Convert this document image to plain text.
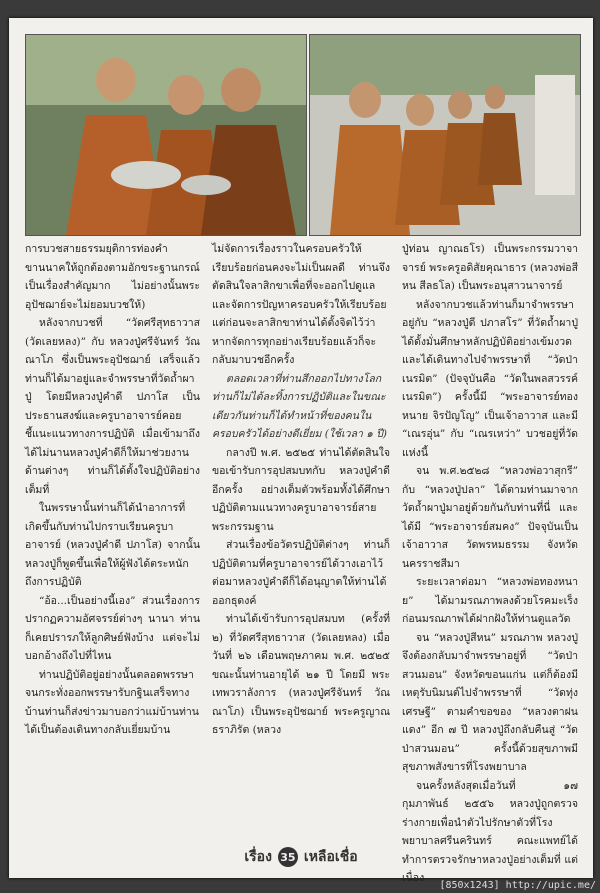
การบวชสายธรรมยุติการท่องคำขานนาคให้ถูกต้องตามอักขระฐานกรณ์เป็นเรื่องสำคัญมาก ไม่อย่างนั้นพระอุปัชฌาย์จะไม่ยอมบวชให้)

หลังจากบวชที่ “วัดศรีสุทธาวาส (วัดเลยหลง)” กับ หลวงปู่ศรีจันทร์ วัณณาโภ ซึ่งเป็นพระอุปัชฌาย์ เสร็จแล้วท่านก็ได้มาอยู่และจำพรรษาที่วัดถ้ำผาปู่ โดยมีหลวงปู่คำดี ปภาโส เป็นประธานสงฆ์และครูบาอาจารย์คอยชี้แนะแนวทางการปฏิบัติ เมื่อเข้ามาถึงได้ไม่นานหลวงปู่คำดีก็ให้มาช่วยงานด้านต่างๆ ท่านก็ได้ตั้งใจปฏิบัติอย่างเต็มที่

ในพรรษานั้นท่านก็ได้นำอาการที่เกิดขึ้นกับท่านไปกราบเรียนครูบาอาจารย์ (หลวงปู่คำดี ปภาโส) จากนั้นหลวงปู่ก็พูดขึ้นเพื่อให้ผู้ฟังได้ตระหนักถึงการปฏิบัติ

“อ้อ...เป็นอย่างนี้เอง” ส่วนเรื่องการปรากฏความอัศจรรย์ต่างๆ นานา ท่านก็เคยปรารภให้ลูกศิษย์ฟังบ้าง แต่จะไม่บอกอ้างถึงไปที่ไหน

ท่านปฏิบัติอยู่อย่างนั้นตลอดพรรษาจนกระทั่งออกพรรษารับกฐินเสร็จทางบ้านท่านก็ส่งข่าวมาบอกว่าแม่บ้านท่านได้เป็นต้องเดินทางกลับเยี่ยมบ้าน

ไม่จัดการเรื่องราวในครอบครัวให้เรียบร้อยก่อนคงจะไม่เป็นผลดี ท่านจึงตัดสินใจลาสิกขาเพื่อที่จะออกไปดูแลและจัดการปัญหาครอบครัวให้เรียบร้อย แต่ก่อนจะลาสิกขาท่านได้ตั้งจิตไว้ว่าหากจัดการทุกอย่างเรียบร้อยแล้วก็จะกลับมาบวชอีกครั้ง

ตลอดเวลาที่ท่านสึกออกไปทางโลก ท่านก็ไม่ได้ละทิ้งการปฏิบัติและในขณะเดียวกันท่านก็ได้ทำหน้าที่ของคนในครอบครัวได้อย่างดีเยี่ยม (ใช้เวลา ๑ ปี)

กลางปี พ.ศ. ๒๕๒๕ ท่านได้ตัดสินใจขอเข้ารับการอุปสมบทกับ หลวงปู่คำดี อีกครั้ง อย่างเต็มตัวพร้อมทั้งได้ศึกษาปฏิบัติตามแนวทางครูบาอาจารย์สายพระกรรมฐาน

ส่วนเรื่องข้อวัตรปฏิบัติต่างๆ ท่านก็ปฏิบัติตามที่ครูบาอาจารย์ได้วางเอาไว้ ต่อมาหลวงปู่คำดีก็ได้อนุญาตให้ท่านได้ออกธุดงค์

ท่านได้เข้ารับการอุปสมบท (ครั้งที่ ๒) ที่วัดศรีสุทธาวาส (วัดเลยหลง) เมื่อวันที่ ๒๖ เดือนพฤษภาคม พ.ศ. ๒๕๒๕ ขณะนั้นท่านอายุได้ ๒๑ ปี โดยมี พระเทพวราลังการ (หลวงปู่ศรีจันทร์ วัณณาโภ) เป็นพระอุปัชฌาย์ พระครูญาณธราภิรัต (หลวง

ปู่ท่อน ญาณธโร) เป็นพระกรรมวาจาจารย์ พระครูอดิสัยคุณาธาร (หลวงพ่อสีหน สีลธโล) เป็นพระอนุสาวนาจารย์

หลังจากบวชแล้วท่านก็มาจำพรรษาอยู่กับ “หลวงปู่ดี ปภาสโร” ที่วัดถ้ำผาปู่ ได้ดั้งมั่นศึกษาหลักปฏิบัติอย่างเข้มงวด และได้เดินทางไปจำพรรษาที่ “วัดป่าเนรมิต” (ปัจจุบันคือ “วัดในพลสวรรค์เนรมิต”) ครั้งนี้มี “พระอาจารย์ทองหนาย จิรปัญโญ” เป็นเจ้าอาวาส และมี “เณรอุ่น” กับ “เณรเหว่า” บวชอยู่ที่วัดแห่งนี้

จน พ.ศ.๒๕๒๘ “หลวงพ่อวาสุกรี” กับ “หลวงปู่ปลา” ได้ตามท่านมาจากวัดถ้ำผาปู่มาอยู่ด้วยกันกับท่านที่นี่ และได้มี “พระอาจารย์สมคง” ปัจจุบันเป็นเจ้าอาวาส วัดพรหมธรรม จังหวัดนครราชสีมา

ระยะเวลาต่อมา “หลวงพ่อทองหนาย” ได้มามรณภาพลงด้วยโรคมะเร็ง ก่อนมรณภาพได้ฝากฝังให้ท่านดูแลวัด

จน “หลวงปู่สีหน” มรณภาพ หลวงปู่จึงต้องกลับมาจำพรรษาอยู่ที่ “วัดป่าสวนมอน” จังหวัดขอนแก่น แต่ก็ต้องมีเหตุรับนิมนต์ไปจำพรรษาที่ “วัดทุ่งเศรษฐี” ตามคำขอของ “หลวงตาฝนแดง” อีก ๗ ปี หลวงปู่ถึงกลับคืนสู่ “วัดป่าสวนมอน” ครั้งนี้ด้วยสุขภาพมีสุขภาพสังขารที่โรงพยาบาล

จนครั้งหลังสุดเมื่อวันที่ ๑๗ กุมภาพันธ์ ๒๕๕๖ หลวงปู่ถูกตรวจร่างกายเพื่อนำตัวไปรักษาตัวที่โรงพยาบาลศรีนครินทร์ คณะแพทย์ได้ทำการตรวจรักษาหลวงปู่อย่างเต็มที่ แต่เนื่อง

เรื่อง 35 เหลือเชื่อ
[850x1243] http://upic.me/
